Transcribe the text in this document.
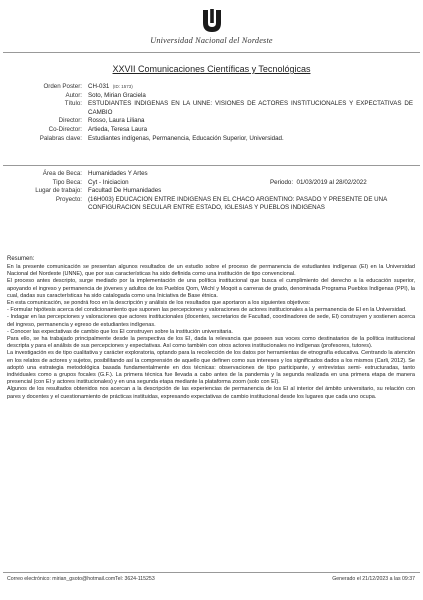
Universidad Nacional del Nordeste
XXVII Comunicaciones Científicas y Tecnológicas
Orden Poster: CH-031 (ID: 1573)
Autor: Soto, Mirian Graciela
Título: ESTUDIANTES INDIGENAS EN LA UNNE: VISIONES DE ACTORES INSTITUCIONALES Y EXPECTATIVAS DE CAMBIO
Director: Rosso, Laura Liliana
Co-Director: Artieda, Teresa Laura
Palabras clave: Estudiantes indígenas, Permanencia, Educación Superior, Universidad.
Área de Beca: Humanidades Y Artes
Tipo Beca: Cyt - Iniciacion	Periodo: 01/03/2019 al 28/02/2022
Lugar de trabajo: Facultad De Humanidades
Proyecto: (16H003) EDUCACION ENTRE INDIGENAS EN EL CHACO ARGENTINO: PASADO Y PRESENTE DE UNA CONFIGURACION SECULAR ENTRE ESTADO, IGLESIAS Y PUEBLOS INDIGENAS
Resumen:

En la presente comunicación se presentan algunos resultados de un estudio sobre el proceso de permanencia de estudiantes indígenas (EI) en la Universidad Nacional del Nordeste (UNNE), que por sus características ha sido definida como una institución de tipo convencional.

El proceso antes descripto, surge mediado por la implementación de una política institucional que busca el cumplimiento del derecho a la educación superior, apoyando el ingreso y permanencia de jóvenes y adultos de los Pueblos Qom, Wichí y Moqoit a carreras de grado, denominada Programa Pueblos Indígenas (PPI), la cual, dadas sus características ha sido catalogada como una Iniciativa de Base étnica.

En esta comunicación, se pondrá foco en la descripción y análisis de los resultados que aportaron a los siguientes objetivos:

- Formular hipótesis acerca del condicionamiento que suponen las percepciones y valoraciones de actores institucionales a la permanencia de EI en la Universidad.

- Indagar en las percepciones y valoraciones que actores institucionales (docentes, secretarios de Facultad, coordinadores de sede, EI) construyen y sostienen acerca del ingreso, permanencia y egreso de estudiantes indígenas.

- Conocer las expectativas de cambio que los EI construyen sobre la institución universitaria.

Para ello, se ha trabajado principalmente desde la perspectiva de los EI, dada la relevancia que poseen sus voces como destinatarios de la política institucional descripta y para el análisis de sus percepciones y expectativas. Así como también con otros actores institucionales no indígenas (profesores, tutores).

La investigación es de tipo cualitativa y carácter exploratoria, optando para la recolección de los datos por herramientas de etnografía educativa. Centrando la atención en los relatos de actores y sujetos, posibilitando así la comprensión de aquello que definen como sus intereses y los significados dados a los mismos (Carli, 2012). Se adoptó una estrategia metodológica basada fundamentalmente en dos técnicas: observaciones de tipo participante, y entrevistas semi- estructuradas, tanto individuales como a grupos focales (G.F.). La primera técnica fue llevada a cabo antes de la pandemia y la segunda realizada en una primera etapa de manera presencial (con EI y actores institucionales) y en una segunda etapa mediante la plataforma zoom (solo con EI).

Algunos de los resultados obtenidos nos acercan a la descripción de las experiencias de permanencia de los EI al interior del ámbito universitario, su relación con pares y docentes y el cuestionamiento de prácticas instituidas, expresando expectativas de cambio institucional desde los lugares que cada uno ocupa.

Correo electrónico: mirian_gsoto@hotmail.com Tel: 3624-115253	Generado el 21/12/2023 a las 09:37
